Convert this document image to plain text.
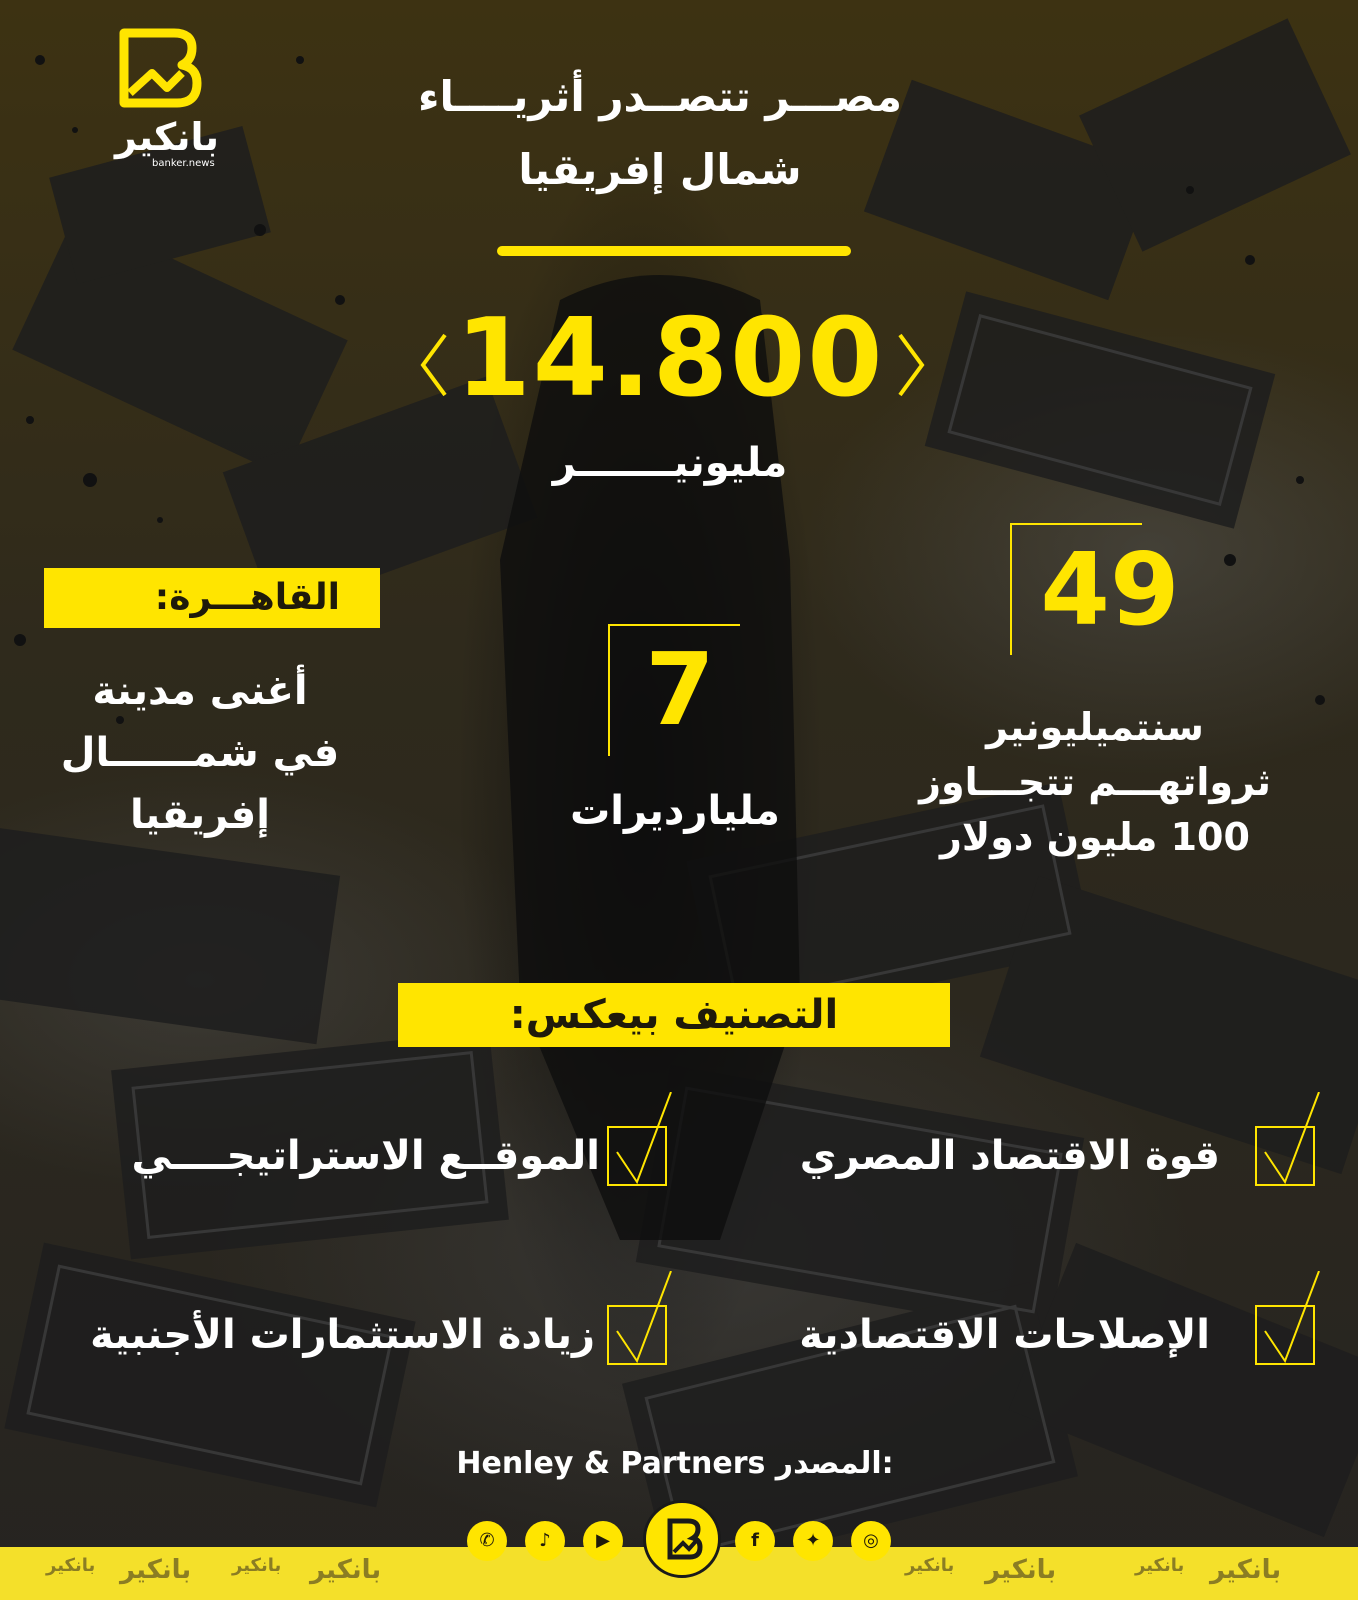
بانكير
banker.news
مصـــر تتصــدر أثريــــاء
شمال إفريقيا
14.800
مليونيـــــــر
49
سنتميليونير
ثرواتهـــم تتجـــاوز
100 مليون دولار
7
مليارديرات
القاهـــرة:
أغنى مدينة
في شمــــــال
إفريقيا
التصنيف بيعكس:
قوة الاقتصاد المصري
الموقــع الاستراتيجــــي
الإصلاحات الاقتصادية
زيادة الاستثمارات الأجنبية
Henley & Partners المصدر:
بانكير بانكير بانكير بانكير	بانكير بانكير	بانكير بانكير
✆	♪	▶	f	✦	◎
